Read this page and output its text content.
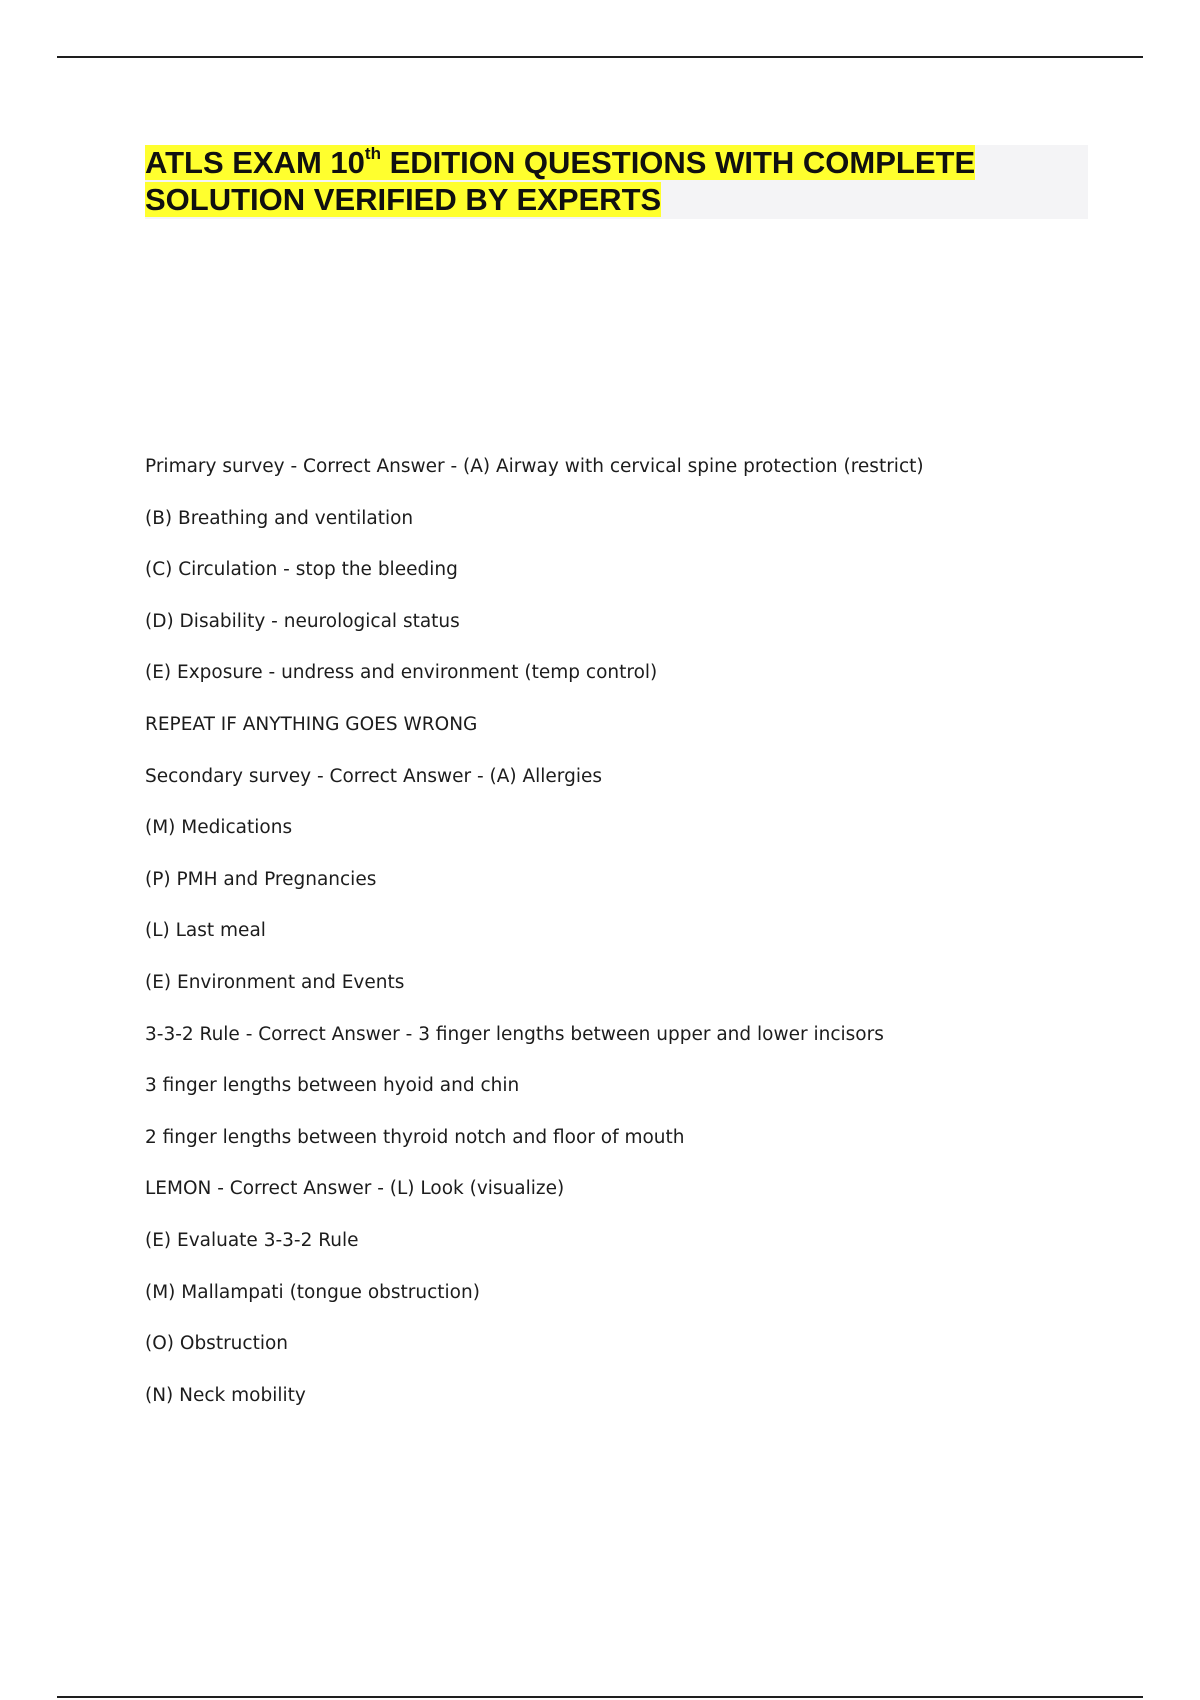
ATLS EXAM 10th EDITION QUESTIONS WITH COMPLETE
SOLUTION VERIFIED BY EXPERTS
Primary survey - Correct Answer - (A) Airway with cervical spine protection (restrict)
(B) Breathing and ventilation
(C) Circulation - stop the bleeding
(D) Disability - neurological status
(E) Exposure - undress and environment (temp control)
REPEAT IF ANYTHING GOES WRONG
Secondary survey - Correct Answer - (A) Allergies
(M) Medications
(P) PMH and Pregnancies
(L) Last meal
(E) Environment and Events
3-3-2 Rule - Correct Answer - 3 finger lengths between upper and lower incisors
3 finger lengths between hyoid and chin
2 finger lengths between thyroid notch and floor of mouth
LEMON - Correct Answer - (L) Look (visualize)
(E) Evaluate 3-3-2 Rule
(M) Mallampati (tongue obstruction)
(O) Obstruction
(N) Neck mobility
